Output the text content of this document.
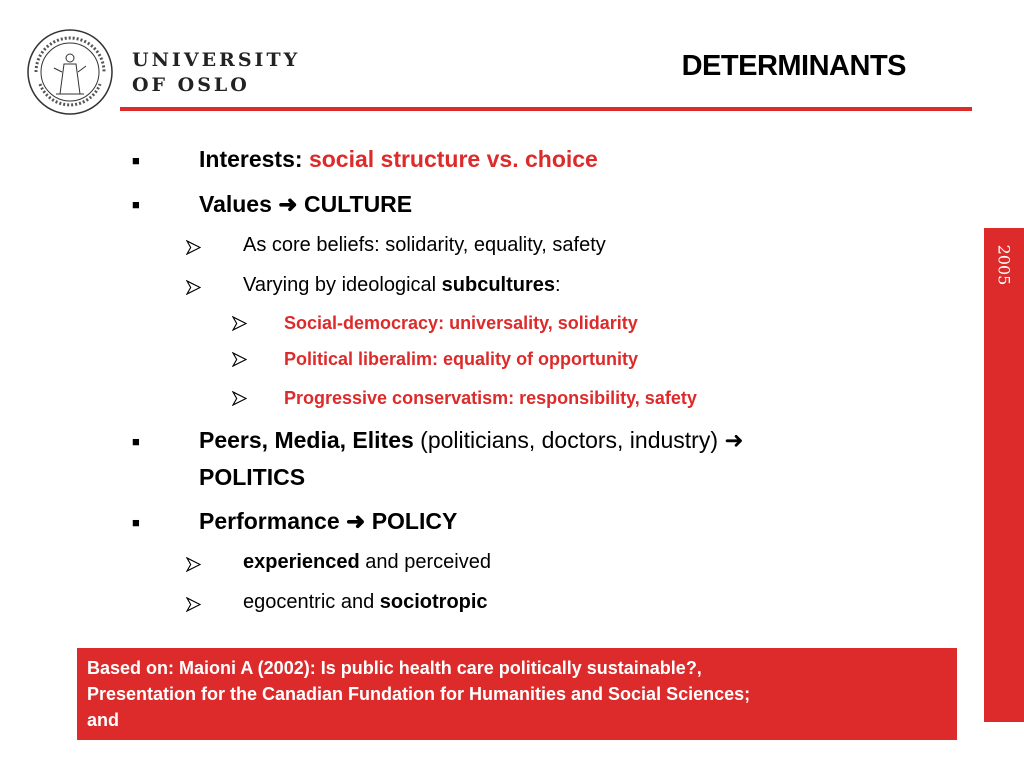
UNIVERSITY
OF OSLO
DETERMINANTS
2005
■	Interests: social structure vs. choice
■	Values ➜ CULTURE
As core beliefs: solidarity, equality, safety
Varying by ideological subcultures:
Social-democracy: universality, solidarity
Political liberalim: equality of opportunity
Progressive conservatism: responsibility, safety
■	Peers, Media, Elites (politicians, doctors, industry) ➜
POLITICS
■	Performance ➜ POLICY
experienced and perceived
egocentric and sociotropic
Based on: Maioni A (2002): Is public health care politically sustainable?,
Presentation for the Canadian Fundation for Humanities and Social Sciences;
and
